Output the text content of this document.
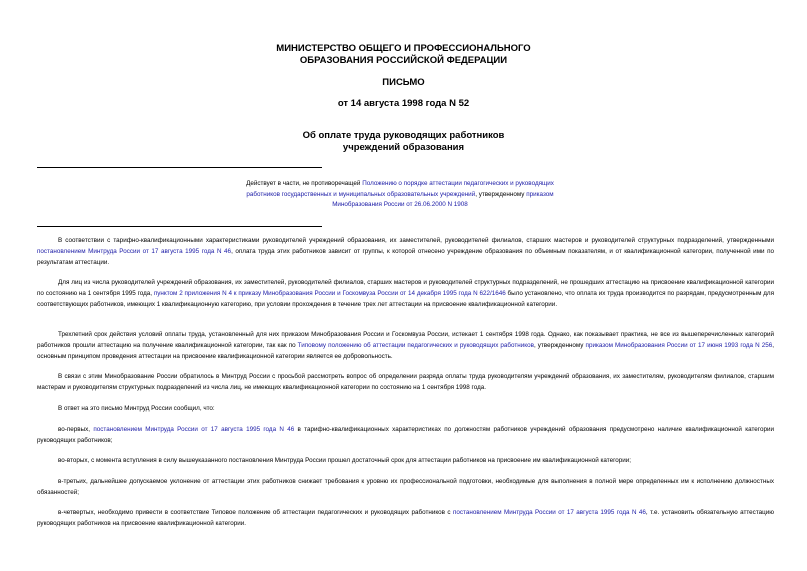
МИНИСТЕРСТВО ОБЩЕГО И ПРОФЕССИОНАЛЬНОГО
ОБРАЗОВАНИЯ РОССИЙСКОЙ ФЕДЕРАЦИИ
ПИСЬМО
от 14 августа 1998 года N 52
Об оплате труда руководящих работников
учреждений образования
Действует в части, не противоречащей Положению о порядке аттестации педагогических и руководящих работников государственных и муниципальных образовательных учреждений, утвержденному приказом Минобразования России от 26.06.2000 N 1908

В соответствии с тарифно-квалификационными характеристиками руководителей учреждений образования, их заместителей, руководителей филиалов, старших мастеров и руководителей структурных подразделений, утвержденными постановлением Минтруда России от 17 августа 1995 года N 46, оплата труда этих работников зависит от группы, к которой отнесено учреждение образования по объемным показателям, и от квалификационной категории, полученной ими по результатам аттестации.

Для лиц из числа руководителей учреждений образования, их заместителей, руководителей филиалов, старших мастеров и руководителей структурных подразделений, не прошедших аттестацию на присвоение квалификационной категории по состоянию на 1 сентября 1995 года, пунктом 2 приложения N 4 к приказу Минобразования России и Госкомвуза России от 14 декабря 1995 года N 622/1646 было установлено, что оплата их труда производится по разрядам, предусмотренным для соответствующих работников, имеющих 1 квалификационную категорию, при условии прохождения в течение трех лет аттестации на присвоение квалификационной категории.

Трехлетний срок действия условий оплаты труда, установленный для них приказом Минобразования России и Госкомвуза России, истекает 1 сентября 1998 года. Однако, как показывает практика, не все из вышеперечисленных категорий работников прошли аттестацию на получение квалификационной категории, так как по Типовому положению об аттестации педагогических и руководящих работников, утвержденному приказом Минобразования России от 17 июня 1993 года N 256, основным принципом проведения аттестации на присвоение квалификационной категории является ее добровольность.

В связи с этим Минобразование России обратилось в Минтруд России с просьбой рассмотреть вопрос об определении разряда оплаты труда руководителям учреждений образования, их заместителям, руководителям филиалов, старшим мастерам и руководителям структурных подразделений из числа лиц, не имеющих квалификационной категории по состоянию на 1 сентября 1998 года.

В ответ на это письмо Минтруд России сообщил, что:

во-первых, постановлением Минтруда России от 17 августа 1995 года N 46 в тарифно-квалификационных характеристиках по должностям работников учреждений образования предусмотрено наличие квалификационной категории руководящих работников;

во-вторых, с момента вступления в силу вышеуказанного постановления Минтруда России прошел достаточный срок для аттестации работников на присвоение им квалификационной категории;

в-третьих, дальнейшее допускаемое уклонение от аттестации этих работников снижает требования к уровню их профессиональной подготовки, необходимые для выполнения в полной мере определенных им к исполнению должностных обязанностей;

в-четвертых, необходимо привести в соответствие Типовое положение об аттестации педагогических и руководящих работников с постановлением Минтруда России от 17 августа 1995 года N 46, т.е. установить обязательную аттестацию руководящих работников на присвоение квалификационной категории.
